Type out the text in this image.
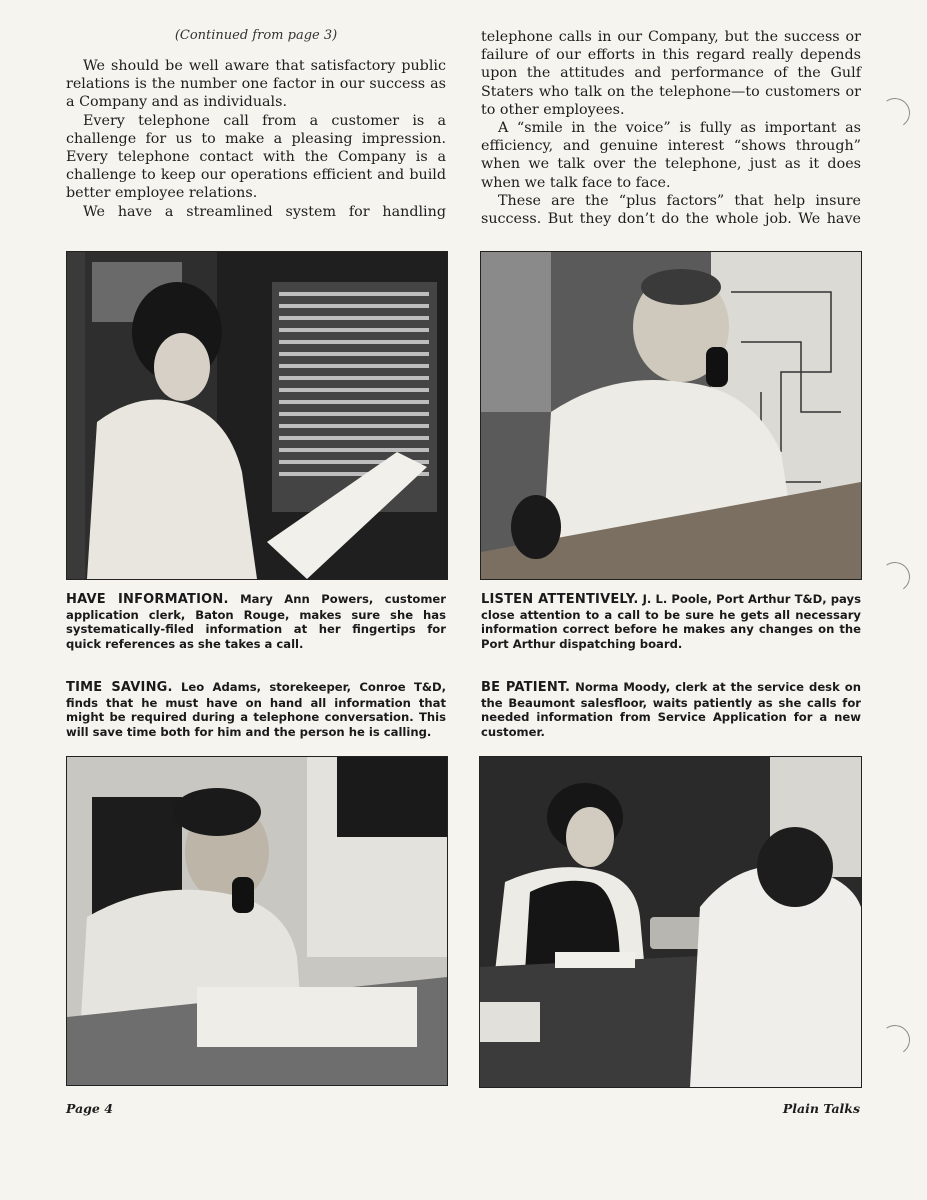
(Continued from page 3)

We should be well aware that satisfactory public relations is the number one factor in our success as a Company and as individuals.

Every telephone call from a customer is a challenge for us to make a pleasing impression. Every telephone contact with the Company is a challenge to keep our operations efficient and build better employee relations.

We have a streamlined system for handling

telephone calls in our Company, but the success or failure of our efforts in this regard really depends upon the attitudes and performance of the Gulf Staters who talk on the telephone—to customers or to other employees.

A “smile in the voice” is fully as important as efficiency, and genuine interest “shows through” when we talk over the telephone, just as it does when we talk face to face.

These are the “plus factors” that help insure success. But they don’t do the whole job. We have

HAVE INFORMATION. Mary Ann Powers, customer application clerk, Baton Rouge, makes sure she has systematically-filed information at her fingertips for quick references as she takes a call.

LISTEN ATTENTIVELY. J. L. Poole, Port Arthur T&D, pays close attention to a call to be sure he gets all necessary information correct before he makes any changes on the Port Arthur dispatching board.

TIME SAVING. Leo Adams, storekeeper, Conroe T&D, finds that he must have on hand all information that might be required during a telephone conversation. This will save time both for him and the person he is calling.

BE PATIENT. Norma Moody, clerk at the service desk on the Beaumont salesfloor, waits patiently as she calls for needed information from Service Application for a new customer.

Page 4	Plain Talks
